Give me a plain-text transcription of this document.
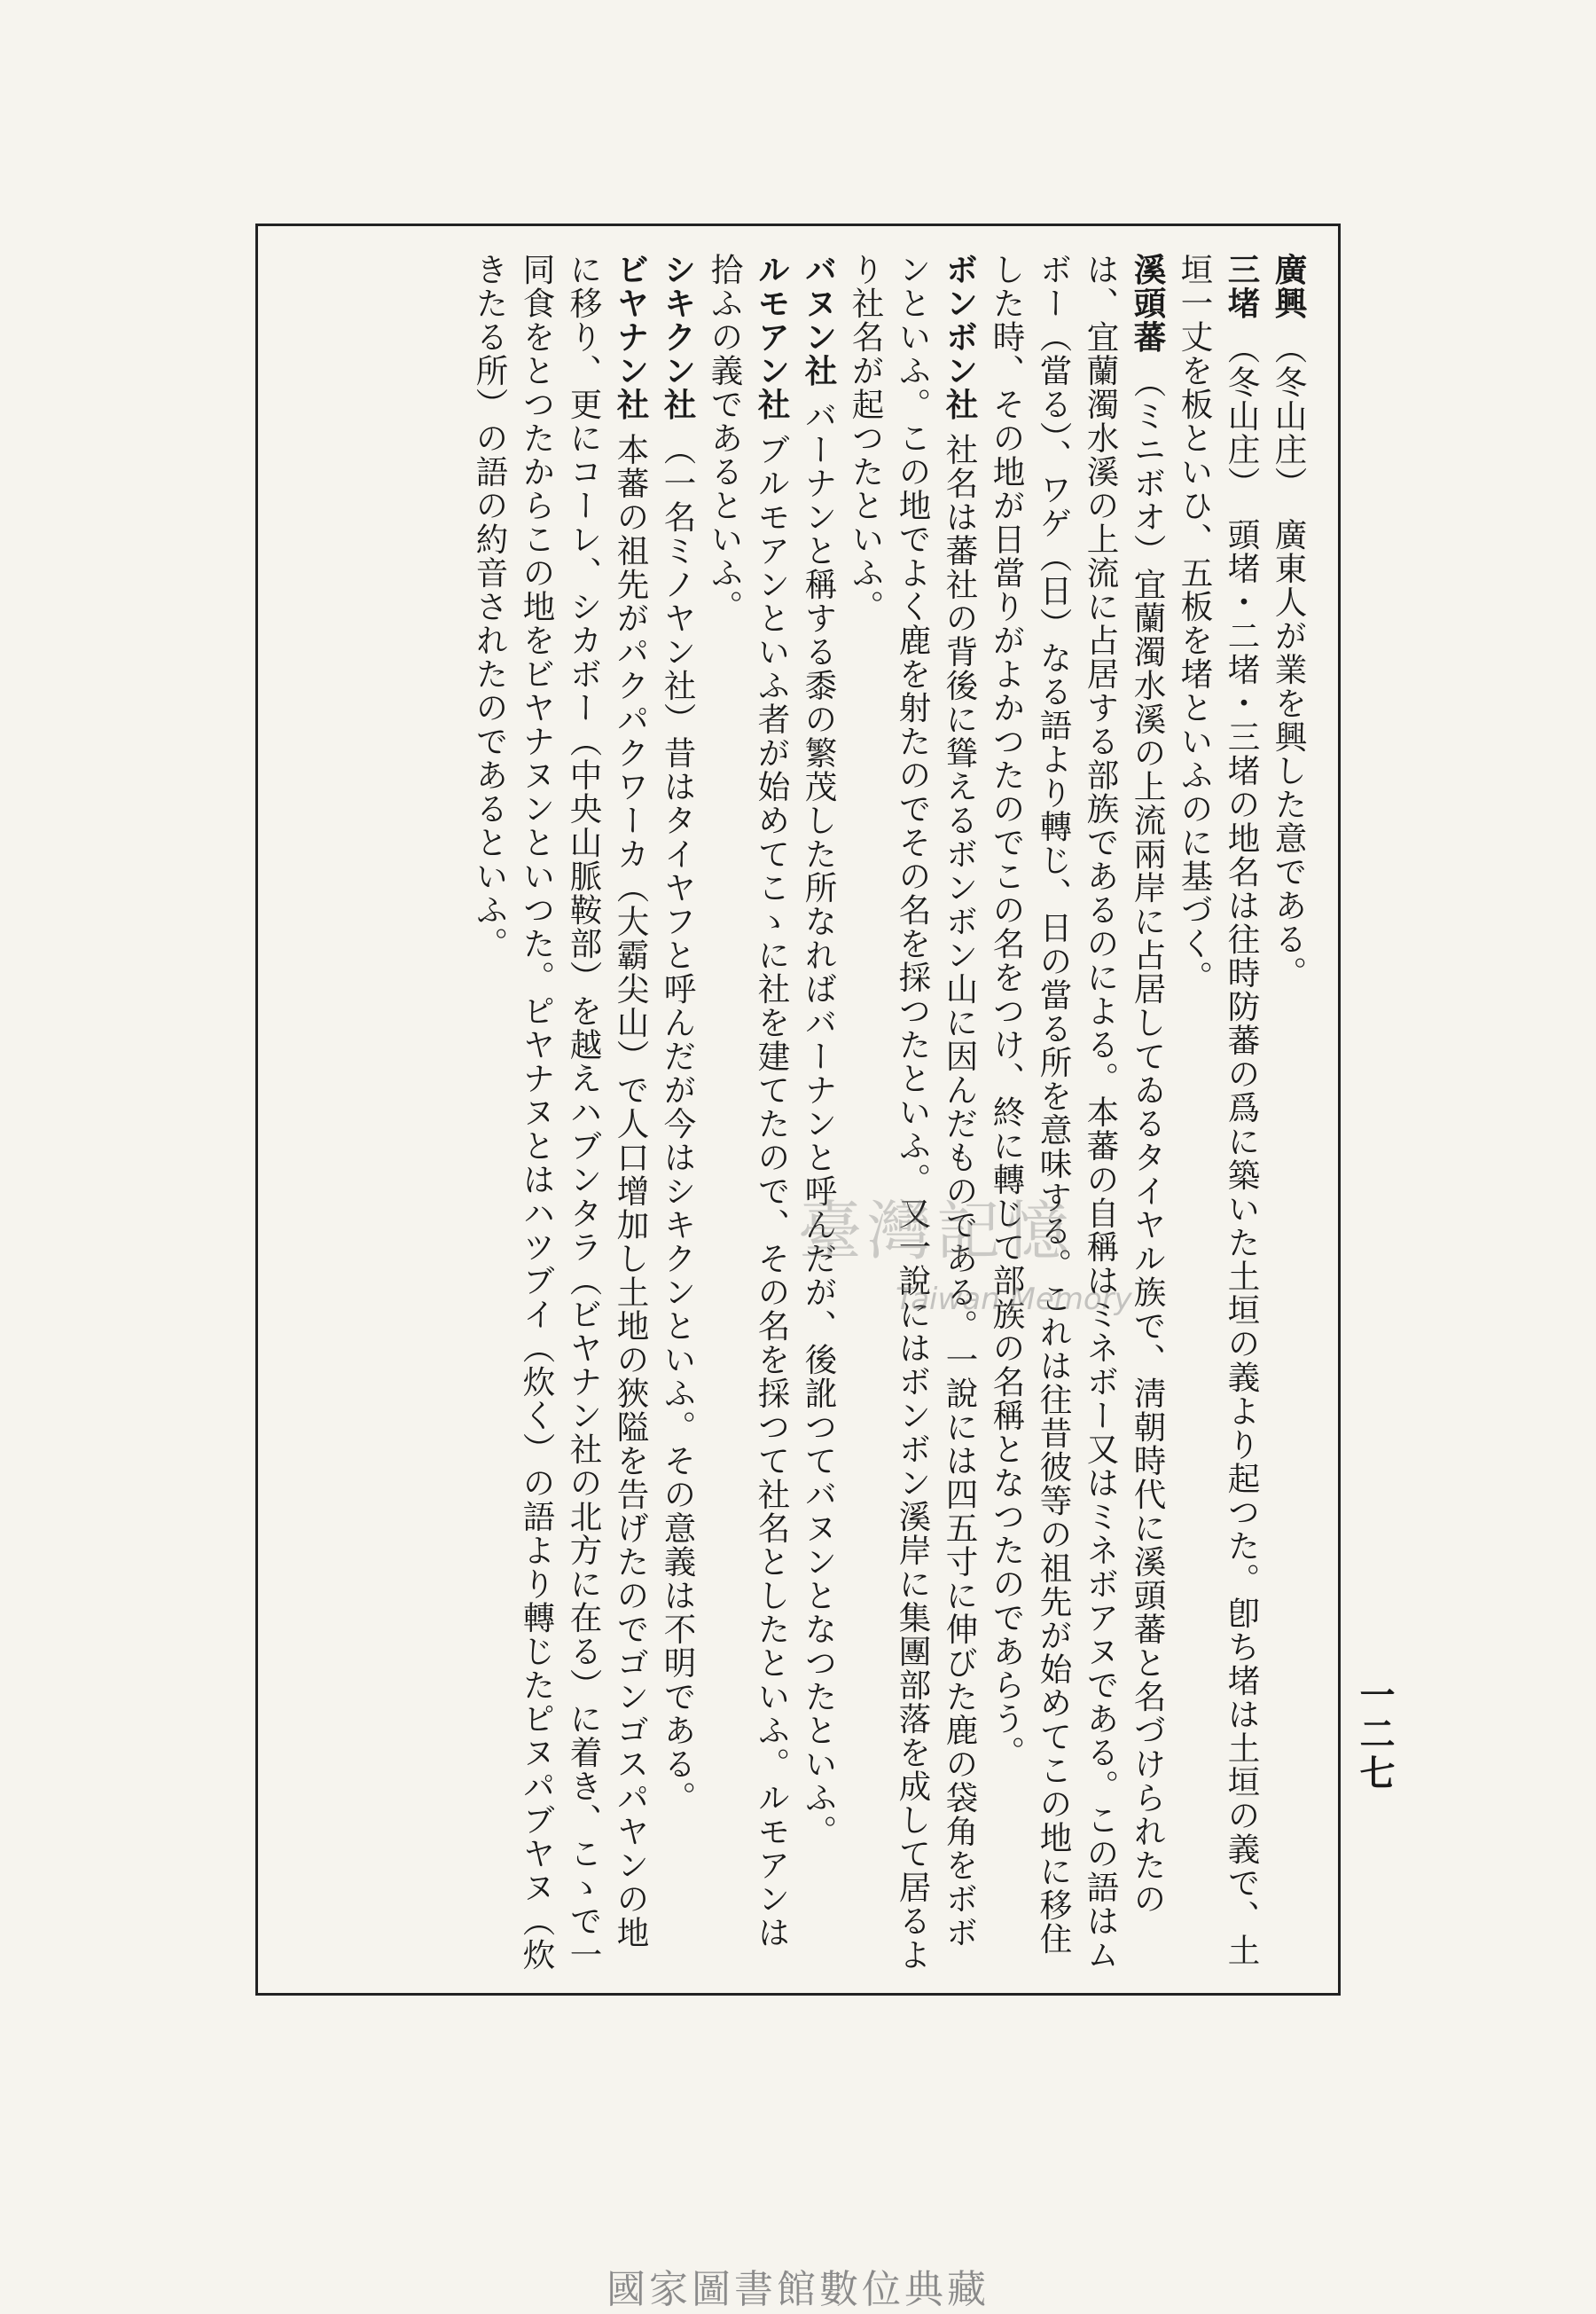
廣興 （冬山庄）　廣東人が業を興した意である。

三堵 （冬山庄）　頭堵・二堵・三堵の地名は往時防蕃の爲に築いた土垣の義より起つた。卽ち堵は土垣の義で、土垣一丈を板といひ、五板を堵といふのに基づく。

溪頭蕃 （ミニボオ）宜蘭濁水溪の上流兩岸に占居してゐるタイヤル族で、淸朝時代に溪頭蕃と名づけられたのは、宜蘭濁水溪の上流に占居する部族であるのによる。本蕃の自稱はミネボー又はミネボアヌである。この語はムボー（當る）、ワゲ（日）なる語より轉じ、日の當る所を意味する。これは往昔彼等の祖先が始めてこの地に移住した時、その地が日當りがよかつたのでこの名をつけ、終に轉じて部族の名稱となつたのであらう。

ボンボン社 社名は蕃社の背後に聳えるボンボン山に因んだものである。一說には四五寸に伸びた鹿の袋角をボボンといふ。この地でよく鹿を射たのでその名を採つたといふ。又一說にはボンボン溪岸に集團部落を成して居るより社名が起つたといふ。

バヌン社 バーナンと稱する黍の繁茂した所なればバーナンと呼んだが、後訛つてバヌンとなつたといふ。

ルモアン社 ブルモアンといふ者が始めてこゝに社を建てたので、その名を採つて社名としたといふ。ルモアンは拾ふの義であるといふ。

シキクン社 （一名ミノヤン社）昔はタイヤフと呼んだが今はシキクンといふ。その意義は不明である。

ビヤナン社 本蕃の祖先がパクパクワーカ（大霸尖山）で人口增加し土地の狹隘を告げたのでゴンゴスパヤンの地に移り、更にコーレ、シカボー（中央山脈鞍部）を越えハブンタラ（ビヤナン社の北方に在る）に着き、こゝで一同食をとつたからこの地をビヤナヌンといつた。ピヤナヌとはハツブイ（炊く）の語より轉じたピヌパブヤヌ（炊きたる所）の語の約音されたのであるといふ。

一二七
臺灣記憶
Taiwan Memory
國家圖書館數位典藏
